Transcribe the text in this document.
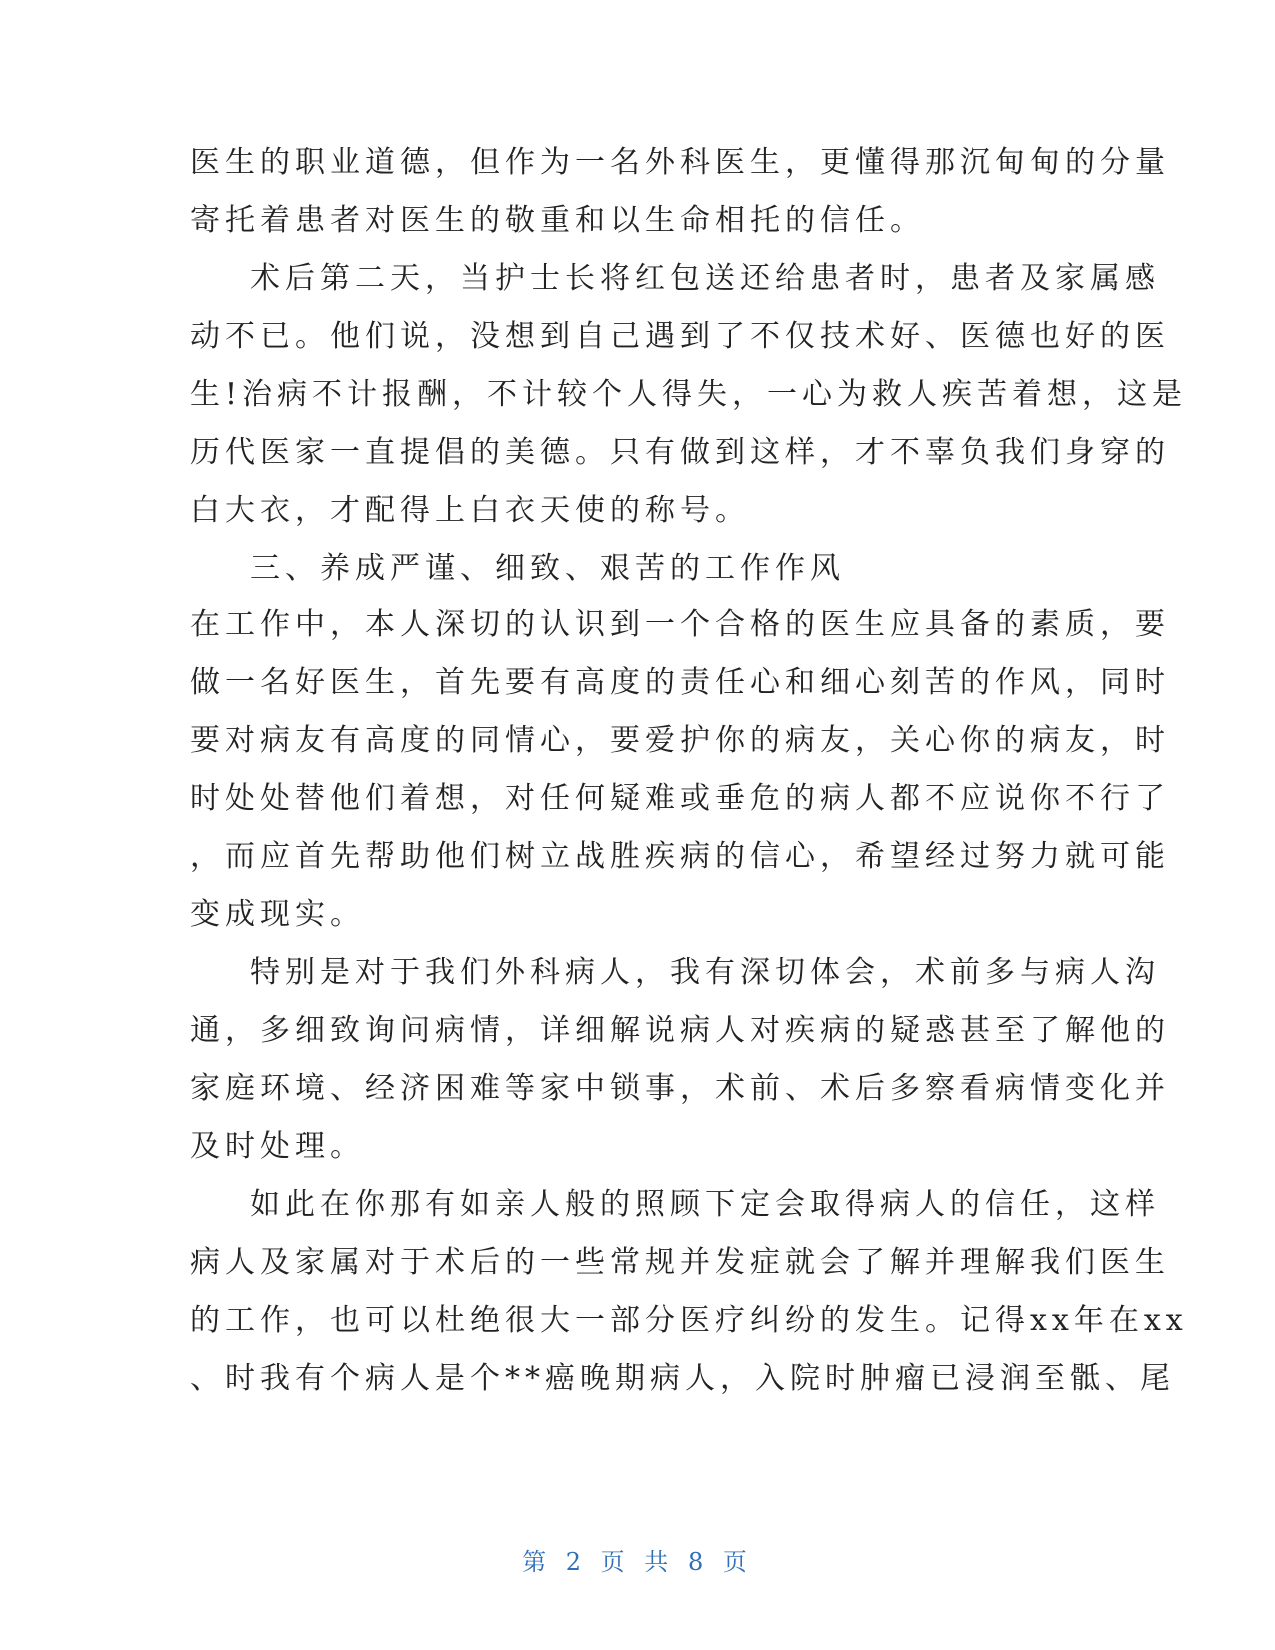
医生的职业道德，但作为一名外科医生，更懂得那沉甸甸的分量
寄托着患者对医生的敬重和以生命相托的信任。
术后第二天，当护士长将红包送还给患者时，患者及家属感
动不已。他们说，没想到自己遇到了不仅技术好、医德也好的医
生!治病不计报酬，不计较个人得失，一心为救人疾苦着想，这是
历代医家一直提倡的美德。只有做到这样，才不辜负我们身穿的
白大衣，才配得上白衣天使的称号。
三、养成严谨、细致、艰苦的工作作风
在工作中，本人深切的认识到一个合格的医生应具备的素质，要
做一名好医生，首先要有高度的责任心和细心刻苦的作风，同时
要对病友有高度的同情心，要爱护你的病友，关心你的病友，时
时处处替他们着想，对任何疑难或垂危的病人都不应说你不行了
，而应首先帮助他们树立战胜疾病的信心，希望经过努力就可能
变成现实。
特别是对于我们外科病人，我有深切体会，术前多与病人沟
通，多细致询问病情，详细解说病人对疾病的疑惑甚至了解他的
家庭环境、经济困难等家中锁事，术前、术后多察看病情变化并
及时处理。
如此在你那有如亲人般的照顾下定会取得病人的信任，这样
病人及家属对于术后的一些常规并发症就会了解并理解我们医生
的工作，也可以杜绝很大一部分医疗纠纷的发生。记得xx年在xx
、时我有个病人是个**癌晚期病人，入院时肿瘤已浸润至骶、尾
第 2 页 共 8 页
